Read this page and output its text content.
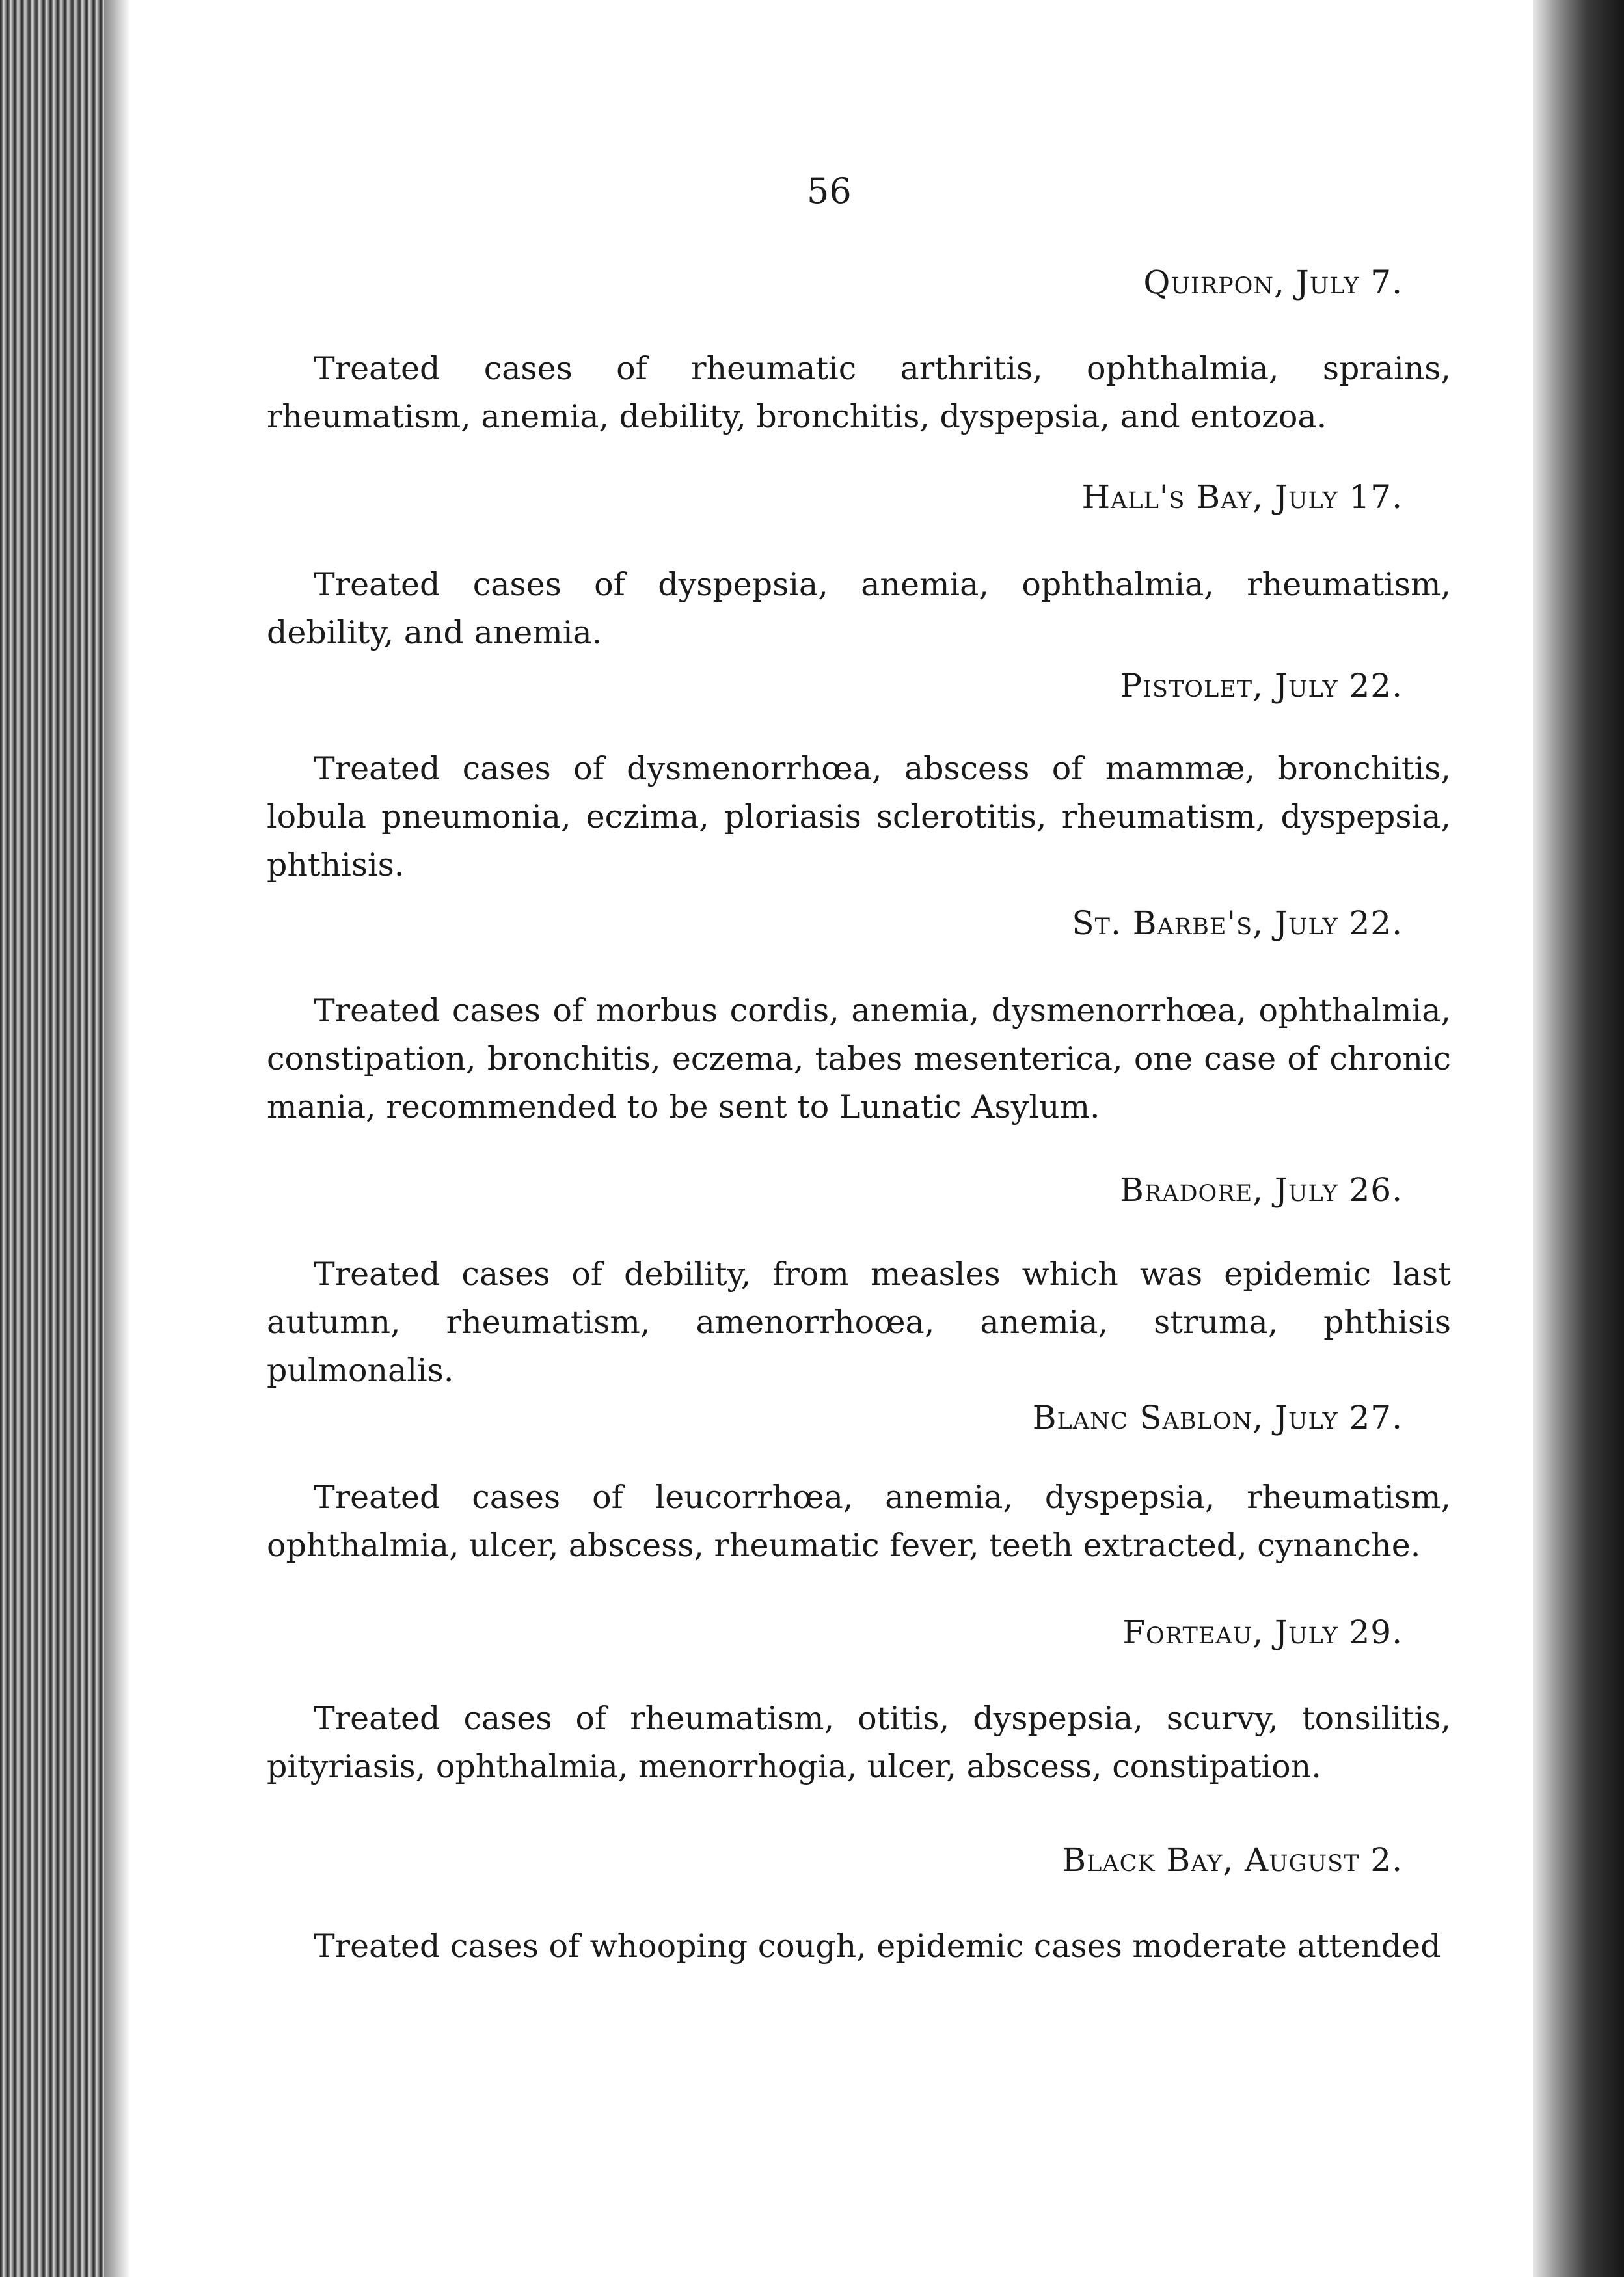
56
Quirpon, July 7.
Treated cases of rheumatic arthritis, ophthalmia, sprains, rheumatism, anemia, debility, bronchitis, dyspepsia, and entozoa.
Hall's Bay, July 17.
Treated cases of dyspepsia, anemia, ophthalmia, rheumatism, debility, and anemia.
Pistolet, July 22.
Treated cases of dysmenorrhœa, abscess of mammæ, bronchitis, lobula pneumonia, eczima, ploriasis sclerotitis, rheumatism, dyspepsia, phthisis.
St. Barbe's, July 22.
Treated cases of morbus cordis, anemia, dysmenorrhœa, ophthalmia, constipation, bronchitis, eczema, tabes mesenterica, one case of chronic mania, recommended to be sent to Lunatic Asylum.
Bradore, July 26.
Treated cases of debility, from measles which was epidemic last autumn, rheumatism, amenorrhoœa, anemia, struma, phthisis pulmonalis.
Blanc Sablon, July 27.
Treated cases of leucorrhœa, anemia, dyspepsia, rheumatism, ophthalmia, ulcer, abscess, rheumatic fever, teeth extracted, cynanche.
Forteau, July 29.
Treated cases of rheumatism, otitis, dyspepsia, scurvy, tonsilitis, pityriasis, ophthalmia, menorrhogia, ulcer, abscess, constipation.
Black Bay, August 2.
Treated cases of whooping cough, epidemic cases moderate attended
